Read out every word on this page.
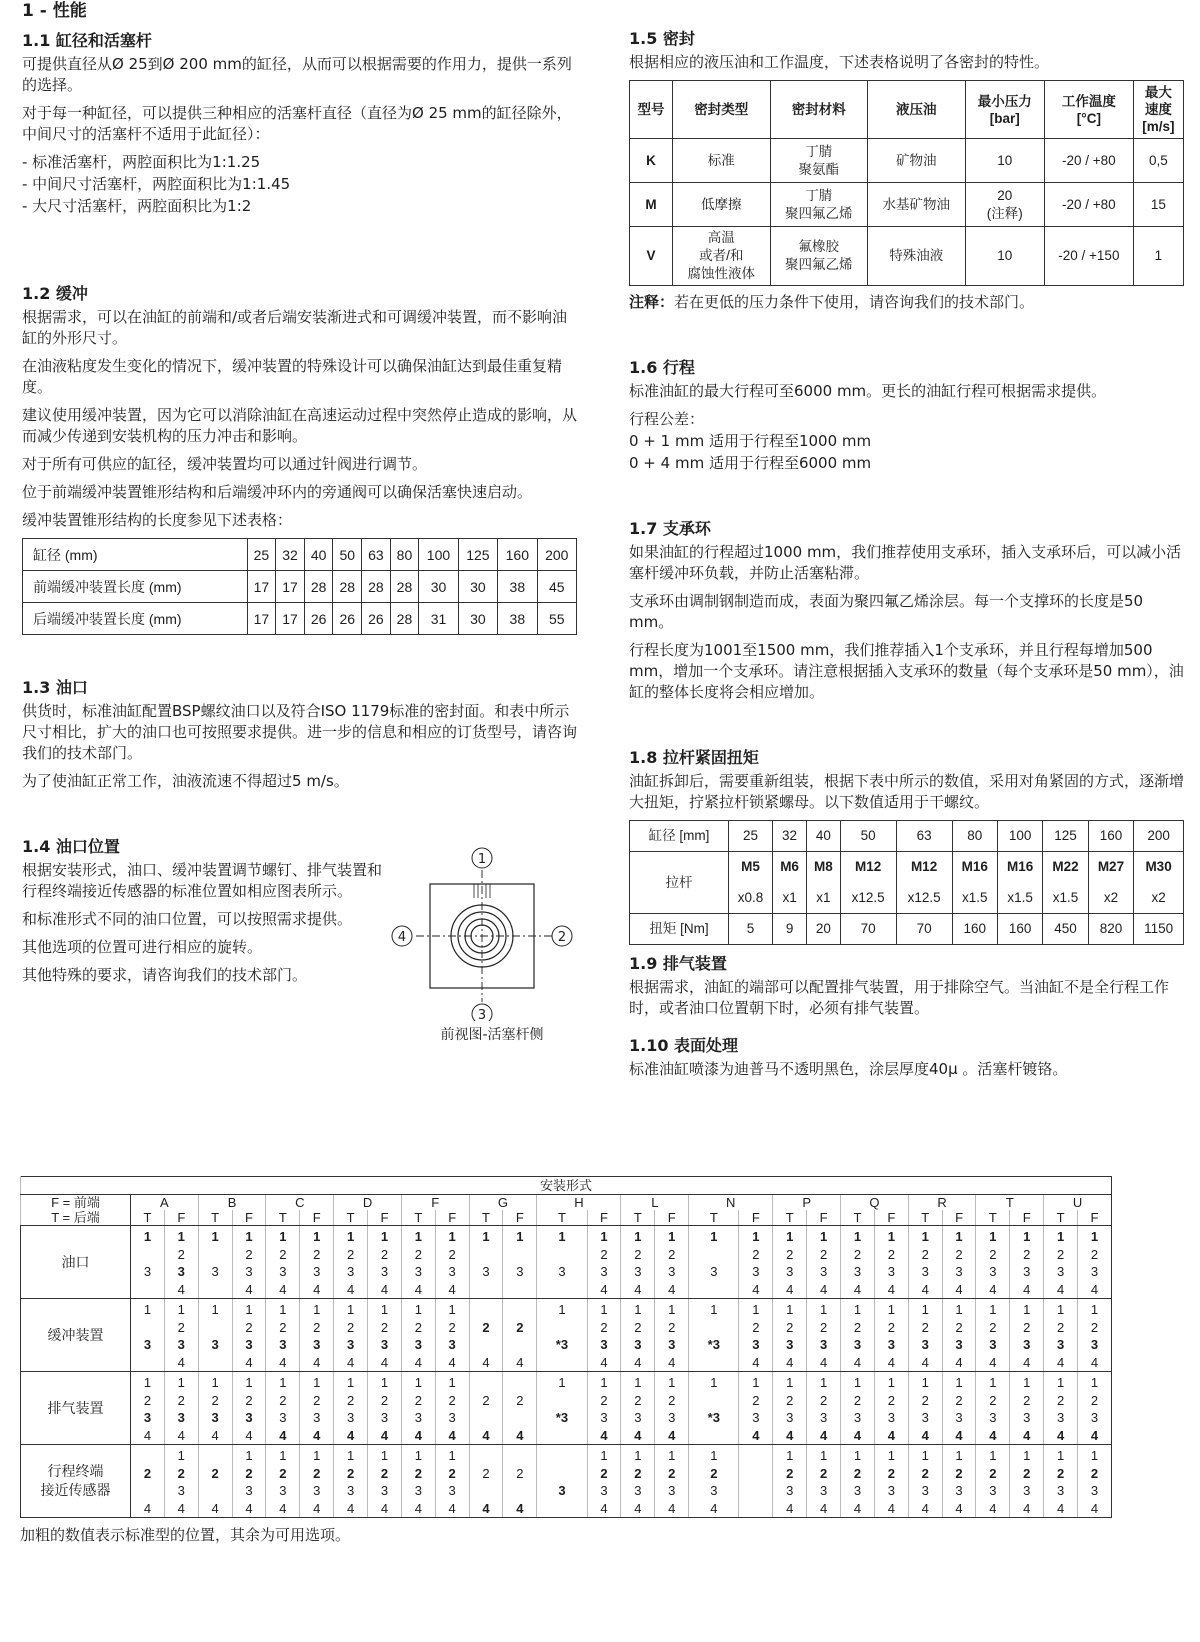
1 - 性能
1.1 缸径和活塞杆

可提供直径从Ø 25到Ø 200 mm的缸径，从而可以根据需要的作用力，提供一系列的选择。

对于每一种缸径，可以提供三种相应的活塞杆直径（直径为Ø 25 mm的缸径除外，中间尺寸的活塞杆不适用于此缸径）：

- 标准活塞杆，两腔面积比为1:1.25

- 中间尺寸活塞杆，两腔面积比为1:1.45

- 大尺寸活塞杆，两腔面积比为1:2

1.2 缓冲

根据需求，可以在油缸的前端和/或者后端安装渐进式和可调缓冲装置，而不影响油缸的外形尺寸。

在油液粘度发生变化的情况下，缓冲装置的特殊设计可以确保油缸达到最佳重复精度。

建议使用缓冲装置，因为它可以消除油缸在高速运动过程中突然停止造成的影响，从而减少传递到安装机构的压力冲击和影响。

对于所有可供应的缸径，缓冲装置均可以通过针阀进行调节。

位于前端缓冲装置锥形结构和后端缓冲环内的旁通阀可以确保活塞快速启动。

缓冲装置锥形结构的长度参见下述表格：

缸径 (mm)	25	32	40	50	63	80	100	125	160	200
前端缓冲装置长度 (mm)	17	17	28	28	28	28	30	30	38	45
后端缓冲装置长度 (mm)	17	17	26	26	26	28	31	30	38	55
1.3 油口

供货时，标准油缸配置BSP螺纹油口以及符合ISO 1179标准的密封面。和表中所示尺寸相比，扩大的油口也可按照要求提供。进一步的信息和相应的订货型号，请咨询我们的技术部门。

为了使油缸正常工作，油液流速不得超过5 m/s。

1.4 油口位置

根据安装形式，油口、缓冲装置调节螺钉、排气装置和行程终端接近传感器的标准位置如相应图表所示。

和标准形式不同的油口位置，可以按照需求提供。

其他选项的位置可进行相应的旋转。

其他特殊的要求，请咨询我们的技术部门。

1
2
3
4
前视图-活塞杆侧
1.5 密封

根据相应的液压油和工作温度，下述表格说明了各密封的特性。

型号	密封类型	密封材料	液压油	最小压力
[bar]	工作温度
[°C]	最大
速度
[m/s]
K	标准	丁腈
聚氨酯	矿物油	10	-20 / +80	0,5
M	低摩擦	丁腈
聚四氟乙烯	水基矿物油	20
(注释)	-20 / +80	15
V	高温
或者/和
腐蚀性液体	氟橡胶
聚四氟乙烯	特殊油液	10	-20 / +150	1

注释：若在更低的压力条件下使用，请咨询我们的技术部门。

1.6 行程

标准油缸的最大行程可至6000 mm。更长的油缸行程可根据需求提供。

行程公差：

0 + 1 mm 适用于行程至1000 mm

0 + 4 mm 适用于行程至6000 mm

1.7 支承环

如果油缸的行程超过1000 mm，我们推荐使用支承环，插入支承环后，可以减小活塞杆缓冲环负载，并防止活塞粘滞。

支承环由调制钢制造而成，表面为聚四氟乙烯涂层。每一个支撑环的长度是50 mm。

行程长度为1001至1500 mm，我们推荐插入1个支承环，并且行程每增加500 mm，增加一个支承环。请注意根据插入支承环的数量（每个支承环是50 mm），油缸的整体长度将会相应增加。

1.8 拉杆紧固扭矩

油缸拆卸后，需要重新组装，根据下表中所示的数值，采用对角紧固的方式，逐渐增大扭矩，拧紧拉杆锁紧螺母。以下数值适用于干螺纹。

缸径 [mm]	25	32	40	50	63	80	100	125	160	200
拉杆	M5	M6	M8	M12	M12	M16	M16	M22	M27	M30
	x0.8	x1	x1	x12.5	x12.5	x1.5	x1.5	x1.5	x2	x2
扭矩 [Nm]	5	9	20	70	70	160	160	450	820	1150
1.9 排气装置

根据需求，油缸的端部可以配置排气装置，用于排除空气。当油缸不是全行程工作时，或者油口位置朝下时，必须有排气装置。

1.10 表面处理

标准油缸喷漆为迪普马不透明黑色，涂层厚度40μ 。活塞杆镀铬。

安装形式																												

F = 前端
T = 后端	A		B		C		D		F		G		H		L		N		P		Q		R		T		U	
	T	F	T	F	T	F	T	F	T	F	T	F	T	F	T	F	T	F	T	F	T	F	T	F	T	F	T	F
油口	1

3	1
2
3
4	1

3	1
2
3
4	1
2
3
4	1
2
3
4	1
2
3
4	1
2
3
4	1
2
3
4	1
2
3
4	1

3	1

3	1

3	1
2
3
4	1
2
3
4	1
2
3
4	1

3	1
2
3
4	1
2
3
4	1
2
3
4	1
2
3
4	1
2
3
4	1
2
3
4	1
2
3
4	1
2
3
4	1
2
3
4	1
2
3
4	1
2
3
4

缓冲装置	1

3	1
2
3
4	1

3	1
2
3
4	1
2
3
4	1
2
3
4	1
2
3
4	1
2
3
4	1
2
3
4	1
2
3
4	2

4	2

4	1

*3	1
2
3
4	1
2
3
4	1
2
3
4	1

*3	1
2
3
4	1
2
3
4	1
2
3
4	1
2
3
4	1
2
3
4	1
2
3
4	1
2
3
4	1
2
3
4	1
2
3
4	1
2
3
4	1
2
3
4

排气装置	1
2
3
4	1
2
3
4	1
2
3
4	1
2
3
4	1
2
3
4	1
2
3
4	1
2
3
4	1
2
3
4	1
2
3
4	1
2
3
4	2

4	2

4	1

*3	1
2
3
4	1
2
3
4	1
2
3
4	1

*3	1
2
3
4	1
2
3
4	1
2
3
4	1
2
3
4	1
2
3
4	1
2
3
4	1
2
3
4	1
2
3
4	1
2
3
4	1
2
3
4	1
2
3
4

行程终端
接近传感器	2

4	1
2
3
4	2

4	1
2
3
4	1
2
3
4	1
2
3
4	1
2
3
4	1
2
3
4	1
2
3
4	1
2
3
4	2

4	2

4	3	1
2
3
4	1
2
3
4	1
2
3
4	1
2
3
4		1
2
3
4	1
2
3
4	1
2
3
4	1
2
3
4	1
2
3
4	1
2
3
4	1
2
3
4	1
2
3
4	1
2
3
4	1
2
3
4
加粗的数值表示标准型的位置，其余为可用选项。
